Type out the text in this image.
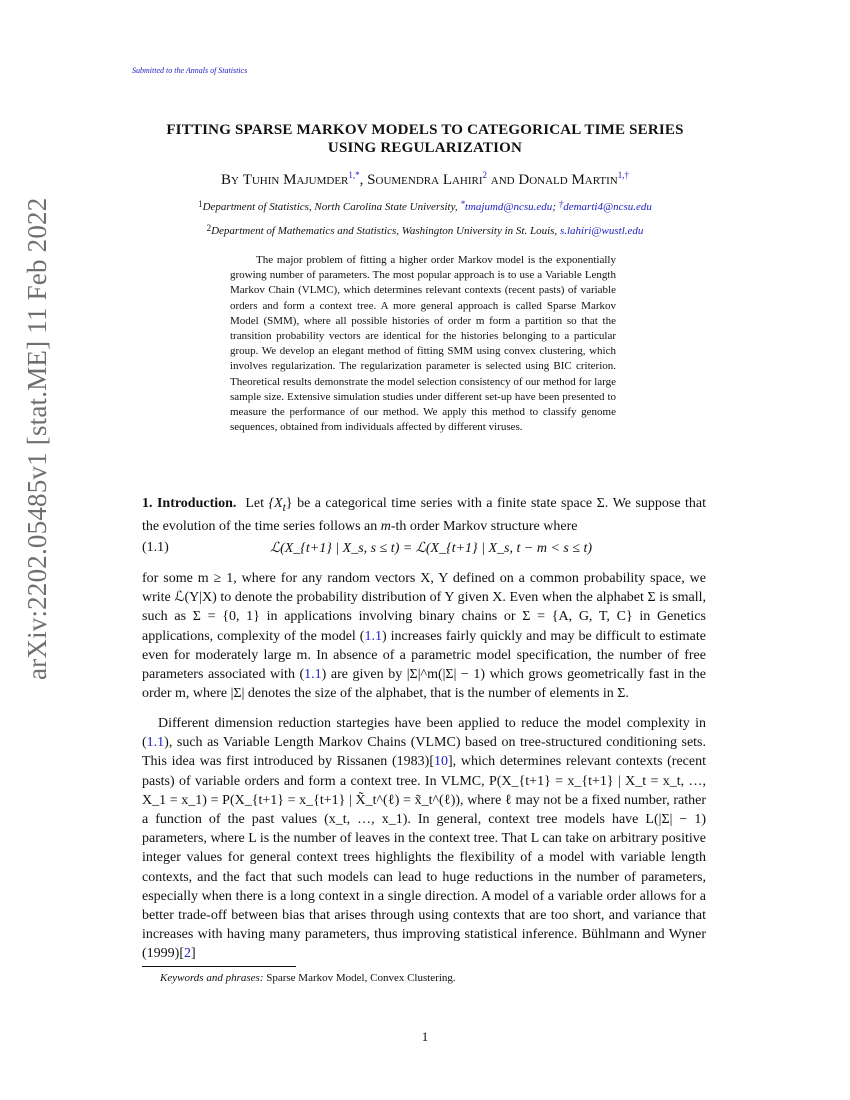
Submitted to the Annals of Statistics
arXiv:2202.05485v1 [stat.ME] 11 Feb 2022
FITTING SPARSE MARKOV MODELS TO CATEGORICAL TIME SERIES
USING REGULARIZATION
By Tuhin Majumder$^{1,*}$, Soumendra Lahiri$^2$ and Donald Martin$^{1,\dagger}$
$^1$Department of Statistics, North Carolina State University, *tmajumd@ncsu.edu; †demarti4@ncsu.edu
$^2$Department of Mathematics and Statistics, Washington University in St. Louis, s.lahiri@wustl.edu

The major problem of fitting a higher order Markov model is the exponentially growing number of parameters. The most popular approach is to use a Variable Length Markov Chain (VLMC), which determines relevant contexts (recent pasts) of variable orders and form a context tree. A more general approach is called Sparse Markov Model (SMM), where all possible histories of order m form a partition so that the transition probability vectors are identical for the histories belonging to a particular group. We develop an elegant method of fitting SMM using convex clustering, which involves regularization. The regularization parameter is selected using BIC criterion. Theoretical results demonstrate the model selection consistency of our method for large sample size. Extensive simulation studies under different set-up have been presented to measure the performance of our method. We apply this method to classify genome sequences, obtained from individuals affected by different viruses.

1. Introduction. Let $\{X_t\}$ be a categorical time series with a finite state space Σ. We suppose that the evolution of the time series follows an m-th order Markov structure where

(1.1)	ℒ(X_{t+1} | X_s, s ≤ t) = ℒ(X_{t+1} | X_s, t − m < s ≤ t)

for some m ≥ 1, where for any random vectors X, Y defined on a common probability space, we write ℒ(Y|X) to denote the probability distribution of Y given X. Even when the alphabet Σ is small, such as Σ = {0, 1} in applications involving binary chains or Σ = {A, G, T, C} in Genetics applications, complexity of the model (1.1) increases fairly quickly and may be difficult to estimate even for moderately large m. In absence of a parametric model specification, the number of free parameters associated with (1.1) are given by |Σ|^m(|Σ| − 1) which grows geometrically fast in the order m, where |Σ| denotes the size of the alphabet, that is the number of elements in Σ.

Different dimension reduction startegies have been applied to reduce the model complexity in (1.1), such as Variable Length Markov Chains (VLMC) based on tree-structured conditioning sets. This idea was first introduced by Rissanen (1983)[10], which determines relevant contexts (recent pasts) of variable orders and form a context tree. In VLMC, P(X_{t+1} = x_{t+1} | X_t = x_t, …, X_1 = x_1) = P(X_{t+1} = x_{t+1} | X̃_t^(ℓ) = x̃_t^(ℓ)), where ℓ may not be a fixed number, rather a function of the past values (x_t, …, x_1). In general, context tree models have L(|Σ| − 1) parameters, where L is the number of leaves in the context tree. That L can take on arbitrary positive integer values for general context trees highlights the flexibility of a model with variable length contexts, and the fact that such models can lead to huge reductions in the number of parameters, especially when there is a long context in a single direction. A model of a variable order allows for a better trade-off between bias that arises through using contexts that are too short, and variance that increases with having many parameters, thus improving statistical inference. Bühlmann and Wyner (1999)[2]

Keywords and phrases: Sparse Markov Model, Convex Clustering.
1
